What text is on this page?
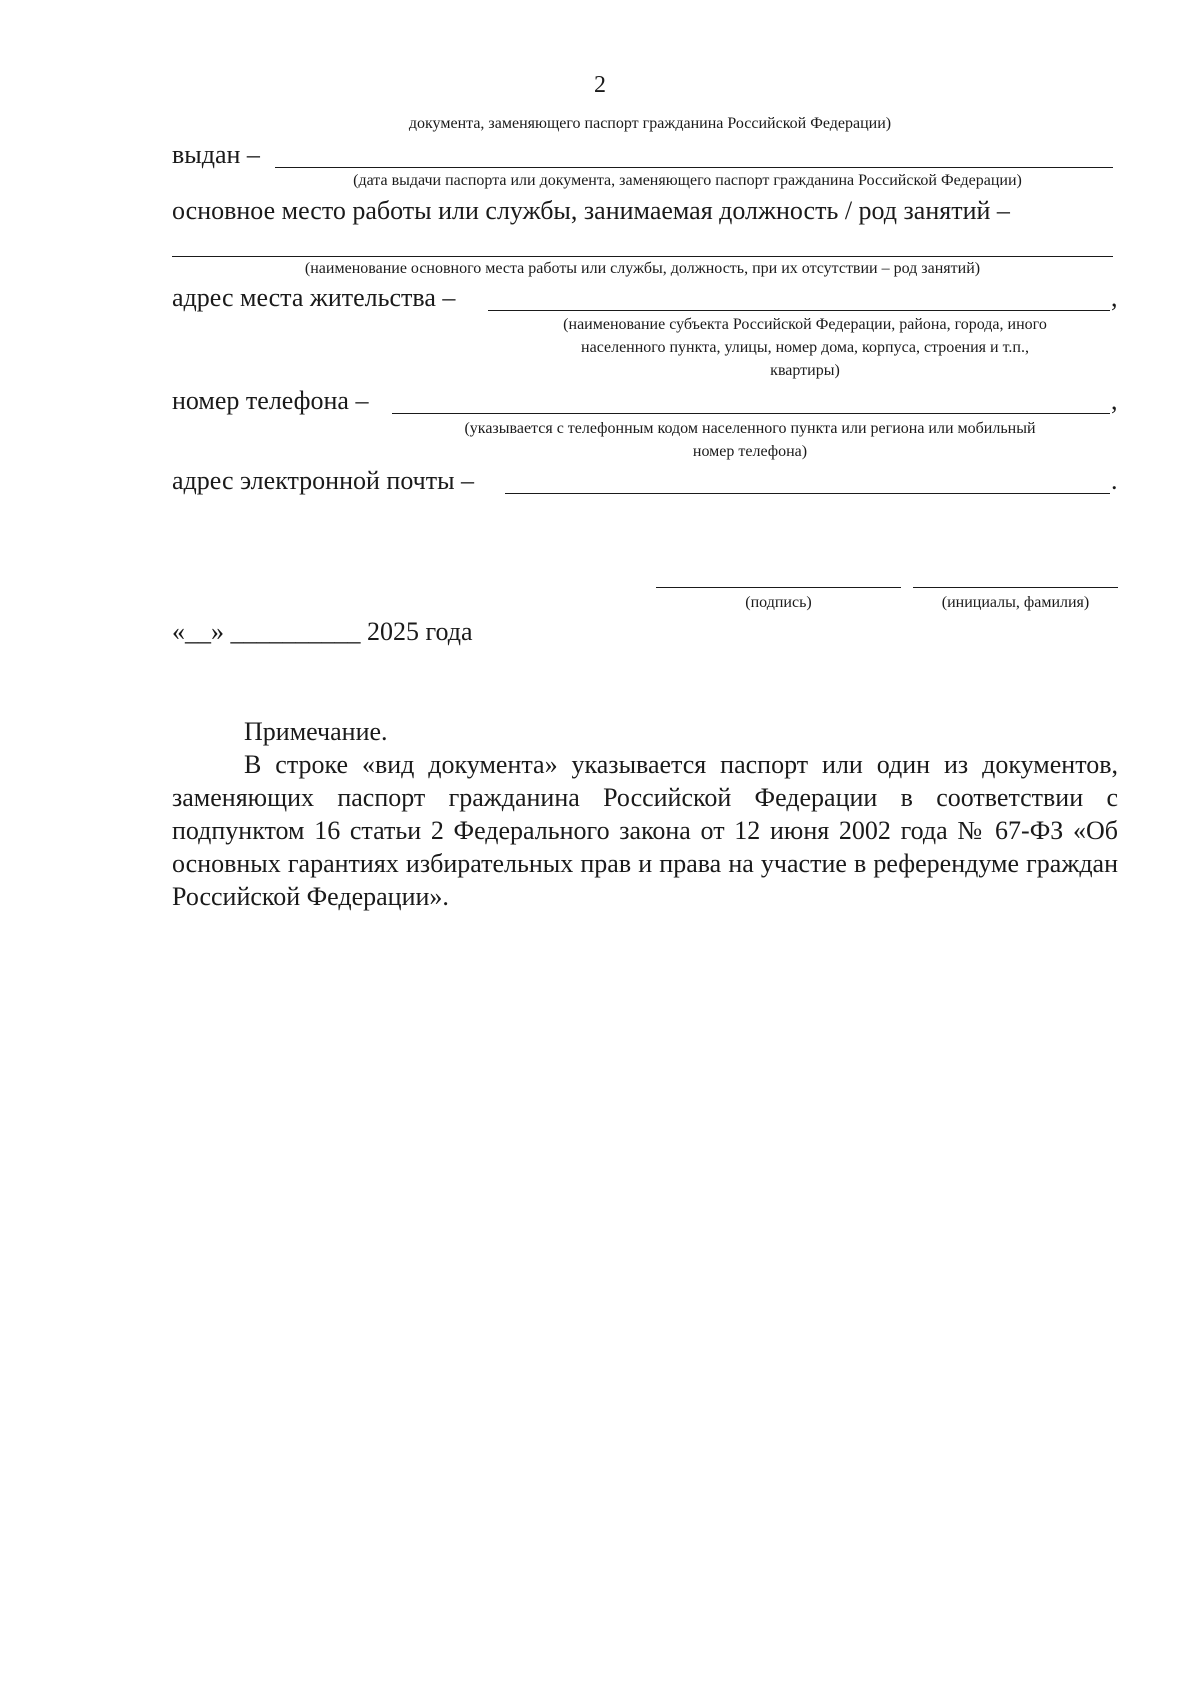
2
документа, заменяющего паспорт гражданина Российской Федерации)
выдан –
(дата выдачи паспорта или документа, заменяющего паспорт гражданина Российской Федерации)
основное место работы или службы, занимаемая должность / род занятий –
(наименование основного места работы или службы, должность, при их отсутствии – род занятий)
адрес места жительства –	,
(наименование субъекта Российской Федерации, района, города, иного
населенного пункта, улицы, номер дома, корпуса, строения и т.п.,
квартиры)
номер телефона –	,
(указывается с телефонным кодом населенного пункта или региона или мобильный
номер телефона)
адрес электронной почты –	.
(подпись)	(инициалы, фамилия)
«__» __________ 2025 года
Примечание.
В строке «вид документа» указывается паспорт или один из документов, заменяющих паспорт гражданина Российской Федерации в соответствии с подпунктом 16 статьи 2 Федерального закона от 12 июня 2002 года № 67-ФЗ «Об основных гарантиях избирательных прав и права на участие в референдуме граждан Российской Федерации».
